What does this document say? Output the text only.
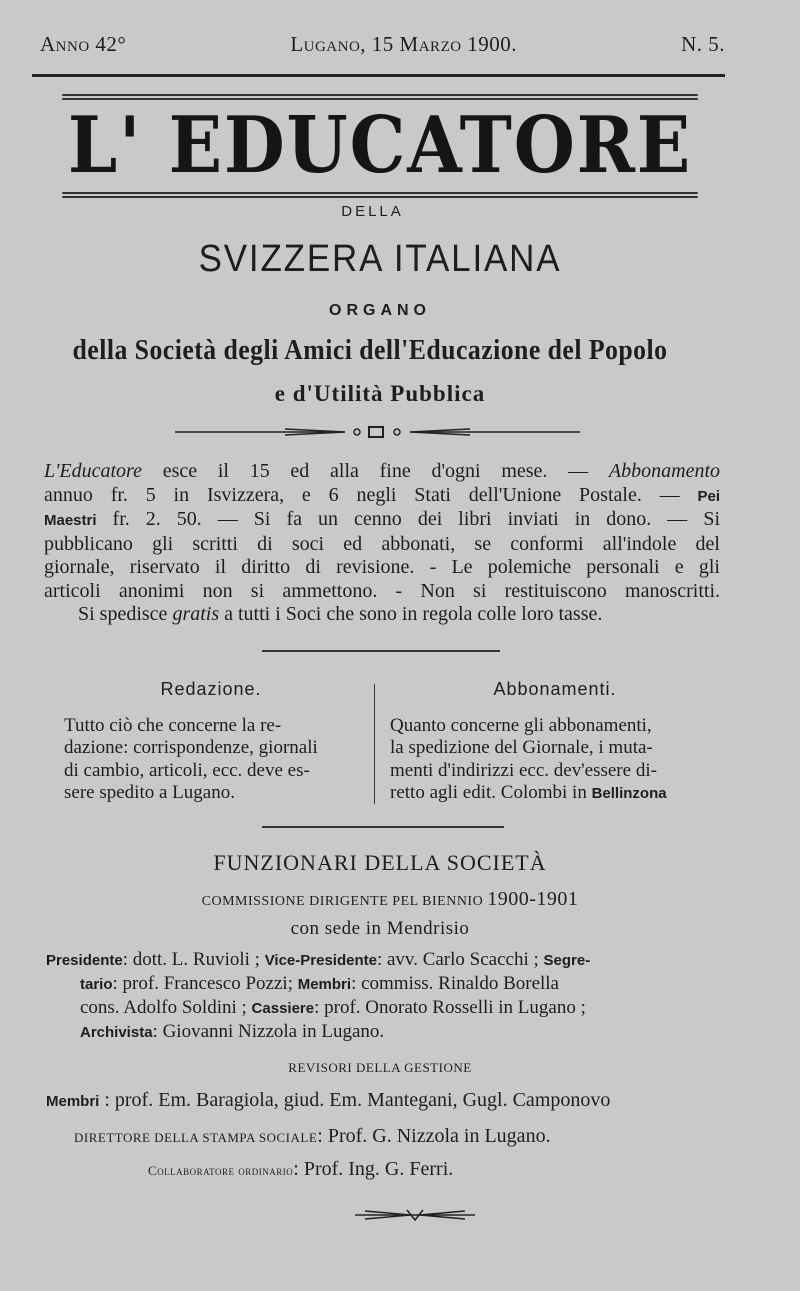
Anno 42°	Lugano, 15 Marzo 1900.	N. 5.
L' EDUCATORE
DELLA
SVIZZERA ITALIANA
ORGANO
della Società degli Amici dell'Educazione del Popolo
e d'Utilità Pubblica
L'Educatore esce il 15 ed alla fine d'ogni mese. — Abbonamento
annuo fr. 5 in Isvizzera, e 6 negli Stati dell'Unione Postale. — Pei
Maestri fr. 2. 50. — Si fa un cenno dei libri inviati in dono. — Si
pubblicano gli scritti di soci ed abbonati, se conformi all'indole del
giornale, riservato il diritto di revisione. - Le polemiche personali e gli
articoli anonimi non si ammettono. - Non si restituiscono manoscritti.
Si spedisce gratis a tutti i Soci che sono in regola colle loro tasse.
Redazione.
Tutto ciò che concerne la re-
dazione: corrispondenze, giornali
di cambio, articoli, ecc. deve es-
sere spedito a Lugano.
Abbonamenti.
Quanto concerne gli abbonamenti,
la spedizione del Giornale, i muta-
menti d'indirizzi ecc. dev'essere di-
retto agli edit. Colombi in Bellinzona
FUNZIONARI DELLA SOCIETÀ
COMMISSIONE DIRIGENTE PEL BIENNIO 1900-1901
con sede in Mendrisio
Presidente: dott. L. Ruvioli ; Vice-Presidente: avv. Carlo Scacchi ; Segre-
tario: prof. Francesco Pozzi; Membri: commiss. Rinaldo Borella
cons. Adolfo Soldini ; Cassiere: prof. Onorato Rosselli in Lugano ;
Archivista: Giovanni Nizzola in Lugano.
REVISORI DELLA GESTIONE
Membri : prof. Em. Baragiola, giud. Em. Mantegani, Gugl. Camponovo
DIRETTORE DELLA STAMPA SOCIALE: Prof. G. Nizzola in Lugano.
Collaboratore ordinario: Prof. Ing. G. Ferri.
